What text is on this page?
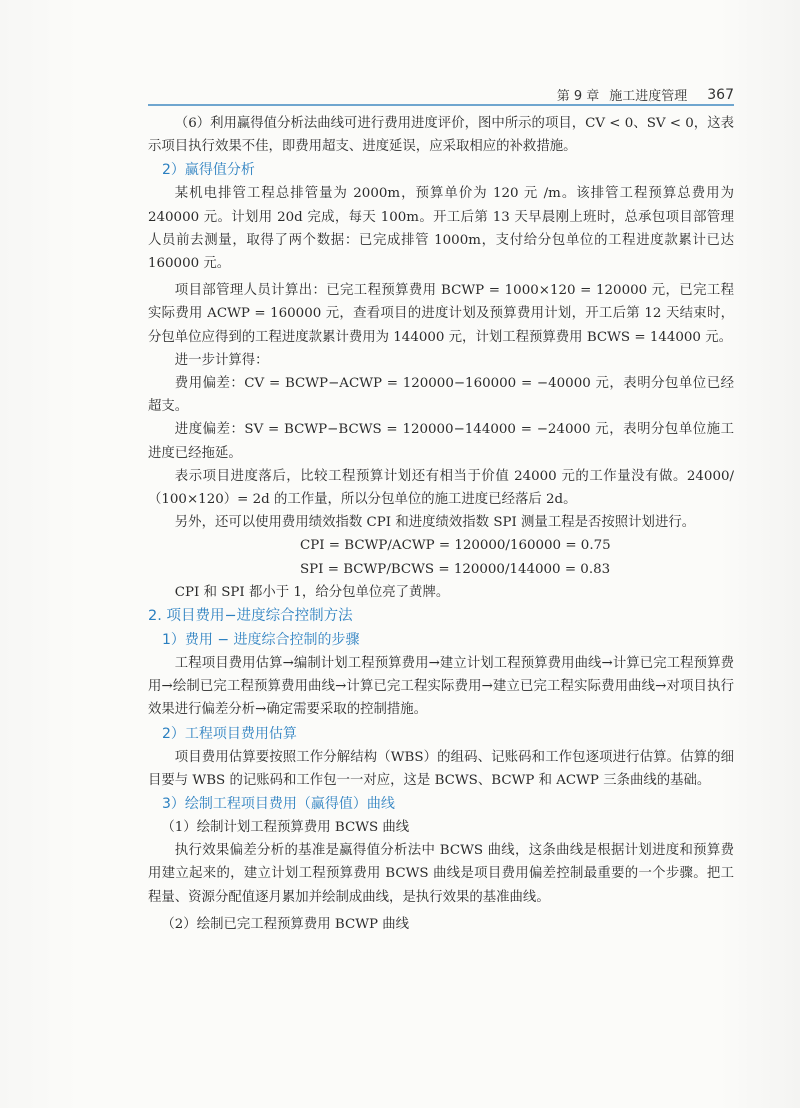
第 9 章 施工进度管理 367

（6）利用赢得值分析法曲线可进行费用进度评价，图中所示的项目，CV < 0、SV < 0，这表示项目执行效果不佳，即费用超支、进度延误，应采取相应的补救措施。

2）赢得值分析

某机电排管工程总排管量为 2000m，预算单价为 120 元 /m。该排管工程预算总费用为 240000 元。计划用 20d 完成，每天 100m。开工后第 13 天早晨刚上班时，总承包项目部管理人员前去测量，取得了两个数据：已完成排管 1000m，支付给分包单位的工程进度款累计已达 160000 元。

项目部管理人员计算出：已完工程预算费用 BCWP = 1000×120 = 120000 元，已完工程实际费用 ACWP = 160000 元，查看项目的进度计划及预算费用计划，开工后第 12 天结束时，分包单位应得到的工程进度款累计费用为 144000 元，计划工程预算费用 BCWS = 144000 元。

进一步计算得：

费用偏差：CV = BCWP−ACWP = 120000−160000 = −40000 元，表明分包单位已经超支。

进度偏差：SV = BCWP−BCWS = 120000−144000 = −24000 元，表明分包单位施工进度已经拖延。

表示项目进度落后，比较工程预算计划还有相当于价值 24000 元的工作量没有做。24000/（100×120）= 2d 的工作量，所以分包单位的施工进度已经落后 2d。

另外，还可以使用费用绩效指数 CPI 和进度绩效指数 SPI 测量工程是否按照计划进行。

CPI = BCWP/ACWP = 120000/160000 = 0.75

SPI = BCWP/BCWS = 120000/144000 = 0.83

CPI 和 SPI 都小于 1，给分包单位亮了黄牌。

2. 项目费用−进度综合控制方法
1）费用 − 进度综合控制的步骤

工程项目费用估算→编制计划工程预算费用→建立计划工程预算费用曲线→计算已完工程预算费用→绘制已完工程预算费用曲线→计算已完工程实际费用→建立已完工程实际费用曲线→对项目执行效果进行偏差分析→确定需要采取的控制措施。

2）工程项目费用估算

项目费用估算要按照工作分解结构（WBS）的组码、记账码和工作包逐项进行估算。估算的细目要与 WBS 的记账码和工作包一一对应，这是 BCWS、BCWP 和 ACWP 三条曲线的基础。

3）绘制工程项目费用（赢得值）曲线

（1）绘制计划工程预算费用 BCWS 曲线

执行效果偏差分析的基准是赢得值分析法中 BCWS 曲线，这条曲线是根据计划进度和预算费用建立起来的，建立计划工程预算费用 BCWS 曲线是项目费用偏差控制最重要的一个步骤。把工程量、资源分配值逐月累加并绘制成曲线，是执行效果的基准曲线。

（2）绘制已完工程预算费用 BCWP 曲线
